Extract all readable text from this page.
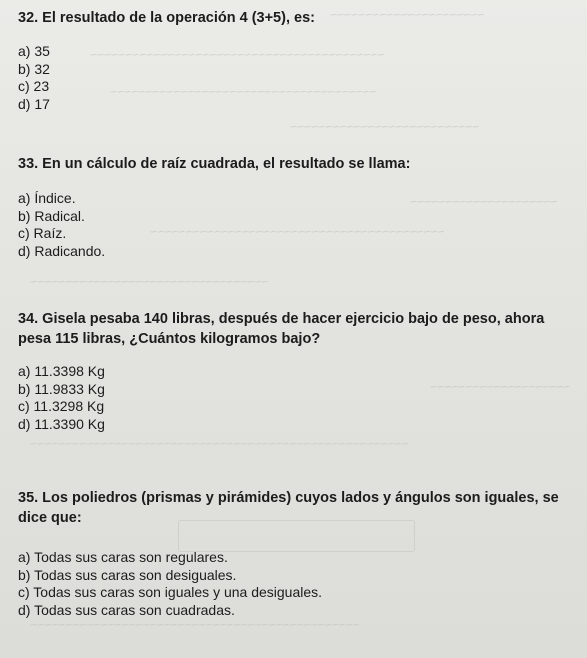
~~~~~~~~~~~~~~~~~~~~~~
~~~~~~~~~~~~~~~~~~~~~~~~~~~~~~~~~~~~~~~~~~
~~~~~~~~~~~~~~~~~~~~~~~~~~~~~~~~~~~~~~
~~~~~~~~~~~~~~~~~~~~~~~~~~~
~~~~~~~~~~~~~~~~~~~~~
~~~~~~~~~~~~~~~~~~~~~~~~~~~~~~~~~~~~~~~~~~
~~~~~~~~~~~~~~~~~~~~~~~~~~~~~~~~~~
~~~~~~~~~~~~~~~~~~~~
~~~~~~~~~~~~~~~~~~~~~~~~~~~~~~~~~~~~~~~~~~~~~~~~~~~~~~
~~~~~~~~~~~~~~~~~~~~~~~~~~~~~~~~~~~~~~~~~~~~~~~
32. El resultado de la operación 4 (3+5), es:
a) 35
b) 32
c) 23
d) 17
33. En un cálculo de raíz cuadrada, el resultado se llama:
a) Índice.
b) Radical.
c) Raíz.
d) Radicando.
34. Gisela pesaba 140 libras, después de hacer ejercicio bajo de peso, ahora pesa 115 libras, ¿Cuántos kilogramos bajo?
a) 11.3398 Kg
b) 11.9833 Kg
c) 11.3298 Kg
d) 11.3390 Kg
35. Los poliedros (prismas y pirámides) cuyos lados y ángulos son iguales, se dice que:
a) Todas sus caras son regulares.
b) Todas sus caras son desiguales.
c) Todas sus caras son iguales y una desiguales.
d) Todas sus caras son cuadradas.
